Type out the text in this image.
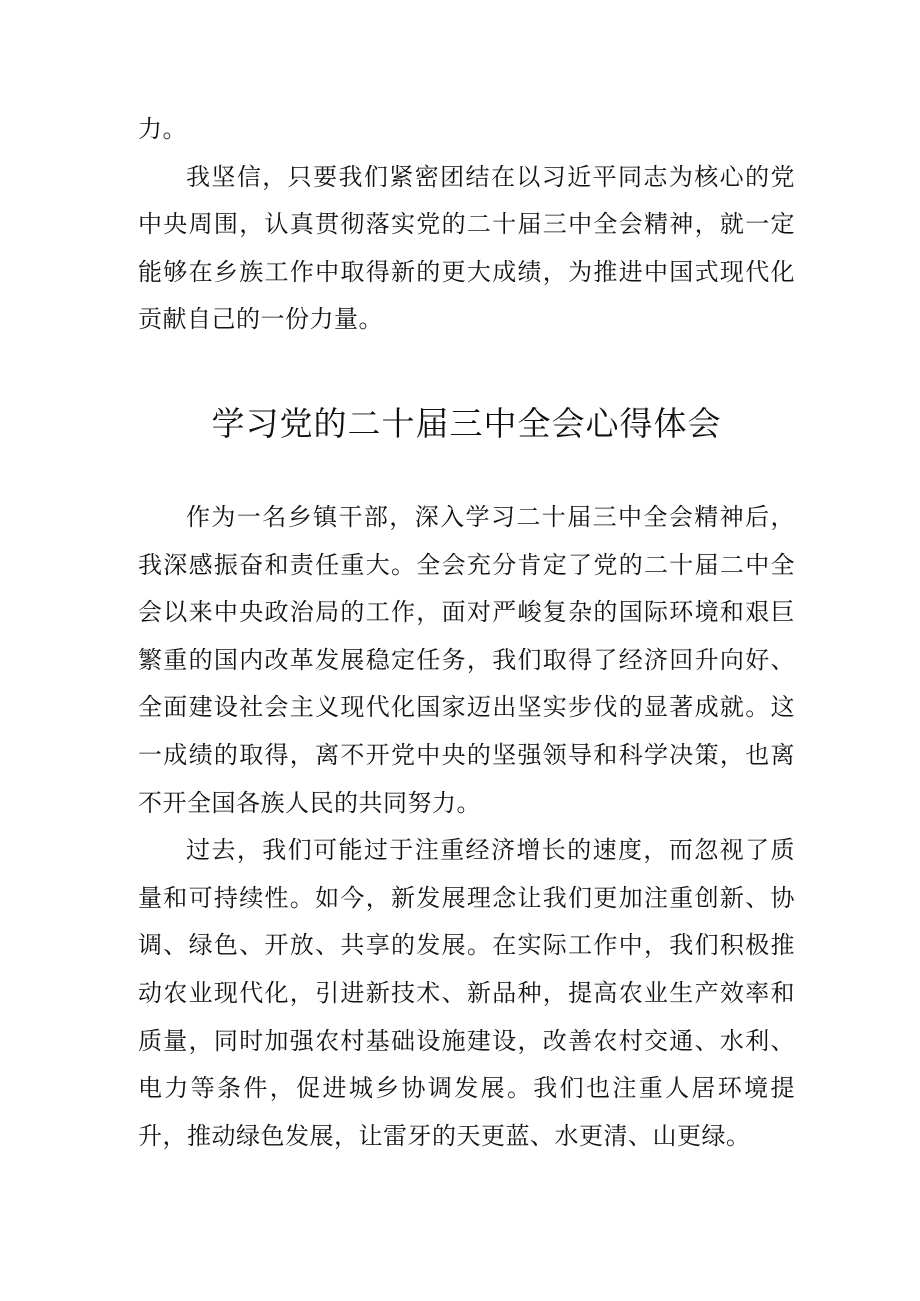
力。

我坚信，只要我们紧密团结在以习近平同志为核心的党中央周围，认真贯彻落实党的二十届三中全会精神，就一定能够在乡族工作中取得新的更大成绩，为推进中国式现代化贡献自己的一份力量。

学习党的二十届三中全会心得体会

作为一名乡镇干部，深入学习二十届三中全会精神后，我深感振奋和责任重大。全会充分肯定了党的二十届二中全会以来中央政治局的工作，面对严峻复杂的国际环境和艰巨繁重的国内改革发展稳定任务，我们取得了经济回升向好、全面建设社会主义现代化国家迈出坚实步伐的显著成就。这一成绩的取得，离不开党中央的坚强领导和科学决策，也离不开全国各族人民的共同努力。

过去，我们可能过于注重经济增长的速度，而忽视了质量和可持续性。如今，新发展理念让我们更加注重创新、协调、绿色、开放、共享的发展。在实际工作中，我们积极推动农业现代化，引进新技术、新品种，提高农业生产效率和质量，同时加强农村基础设施建设，改善农村交通、水利、电力等条件，促进城乡协调发展。我们也注重人居环境提升，推动绿色发展，让雷牙的天更蓝、水更清、山更绿。
